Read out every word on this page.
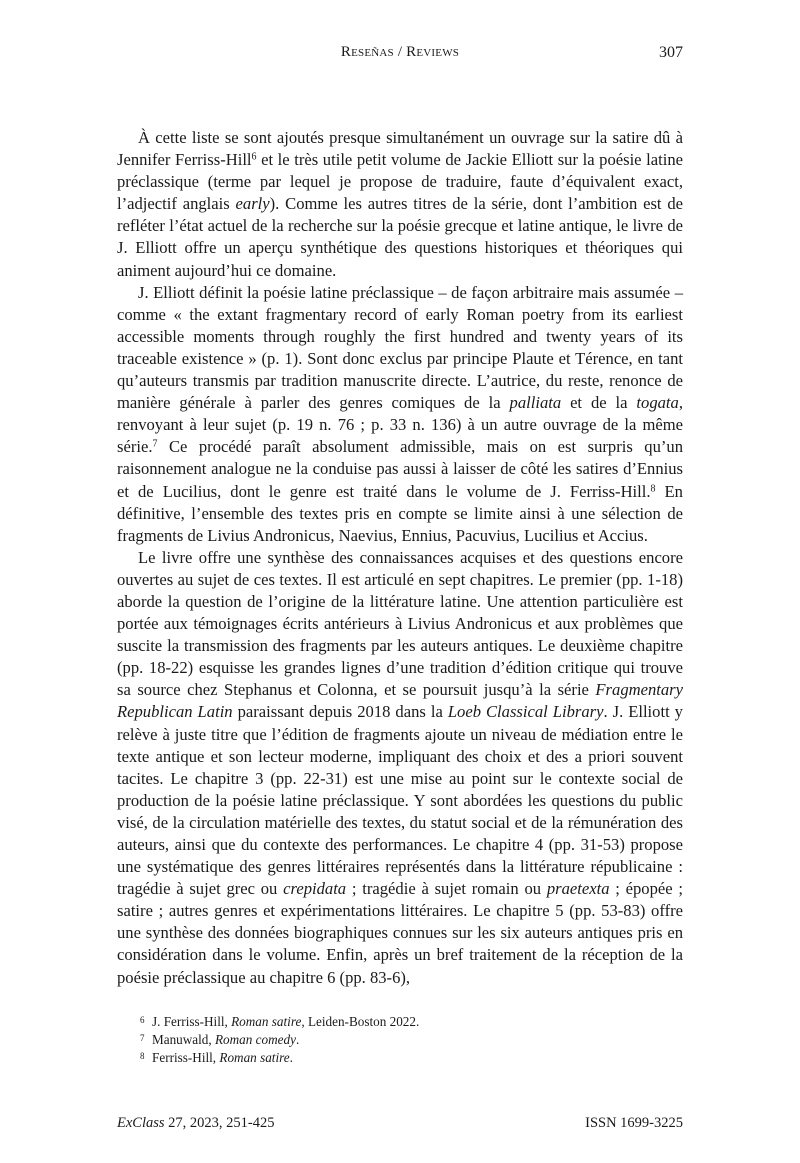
Reseñas / Reviews	307

À cette liste se sont ajoutés presque simultanément un ouvrage sur la satire dû à Jennifer Ferriss-Hill$^6$ et le très utile petit volume de Jackie Elliott sur la poésie latine préclassique (terme par lequel je propose de traduire, faute d’équivalent exact, l’adjectif anglais early). Comme les autres titres de la série, dont l’ambition est de refléter l’état actuel de la recherche sur la poésie grecque et latine antique, le livre de J. Elliott offre un aperçu synthétique des questions historiques et théoriques qui animent aujourd’hui ce domaine.

J. Elliott définit la poésie latine préclassique – de façon arbitraire mais assumée – comme « the extant fragmentary record of early Roman poetry from its earliest accessible moments through roughly the first hundred and twenty years of its traceable existence » (p. 1). Sont donc exclus par principe Plaute et Térence, en tant qu’auteurs transmis par tradition manuscrite directe. L’autrice, du reste, renonce de manière générale à parler des genres comiques de la palliata et de la togata, renvoyant à leur sujet (p. 19 n. 76 ; p. 33 n. 136) à un autre ouvrage de la même série.$^7$ Ce procédé paraît absolument admissible, mais on est surpris qu’un raisonnement analogue ne la conduise pas aussi à laisser de côté les satires d’Ennius et de Lucilius, dont le genre est traité dans le volume de J. Ferriss-Hill.$^8$ En définitive, l’ensemble des textes pris en compte se limite ainsi à une sélection de fragments de Livius Andronicus, Naevius, Ennius, Pacuvius, Lucilius et Accius.

Le livre offre une synthèse des connaissances acquises et des questions encore ouvertes au sujet de ces textes. Il est articulé en sept chapitres. Le premier (pp. 1-18) aborde la question de l’origine de la littérature latine. Une attention particulière est portée aux témoignages écrits antérieurs à Livius Andronicus et aux problèmes que suscite la transmission des fragments par les auteurs antiques. Le deuxième chapitre (pp. 18-22) esquisse les grandes lignes d’une tradition d’édition critique qui trouve sa source chez Stephanus et Colonna, et se poursuit jusqu’à la série Fragmentary Republican Latin paraissant depuis 2018 dans la Loeb Classical Library. J. Elliott y relève à juste titre que l’édition de fragments ajoute un niveau de médiation entre le texte antique et son lecteur moderne, impliquant des choix et des a priori souvent tacites. Le chapitre 3 (pp. 22-31) est une mise au point sur le contexte social de production de la poésie latine préclassique. Y sont abordées les questions du public visé, de la circulation matérielle des textes, du statut social et de la rémunération des auteurs, ainsi que du contexte des performances. Le chapitre 4 (pp. 31-53) propose une systématique des genres littéraires représentés dans la littérature républicaine : tragédie à sujet grec ou crepidata ; tragédie à sujet romain ou praetexta ; épopée ; satire ; autres genres et expérimentations littéraires. Le chapitre 5 (pp. 53-83) offre une synthèse des données biographiques connues sur les six auteurs antiques pris en considération dans le volume. Enfin, après un bref traitement de la réception de la poésie préclassique au chapitre 6 (pp. 83-6),

6 J. Ferriss-Hill, Roman satire, Leiden-Boston 2022.
7 Manuwald, Roman comedy.
8 Ferriss-Hill, Roman satire.
ExClass 27, 2023, 251-425	ISSN 1699-3225
